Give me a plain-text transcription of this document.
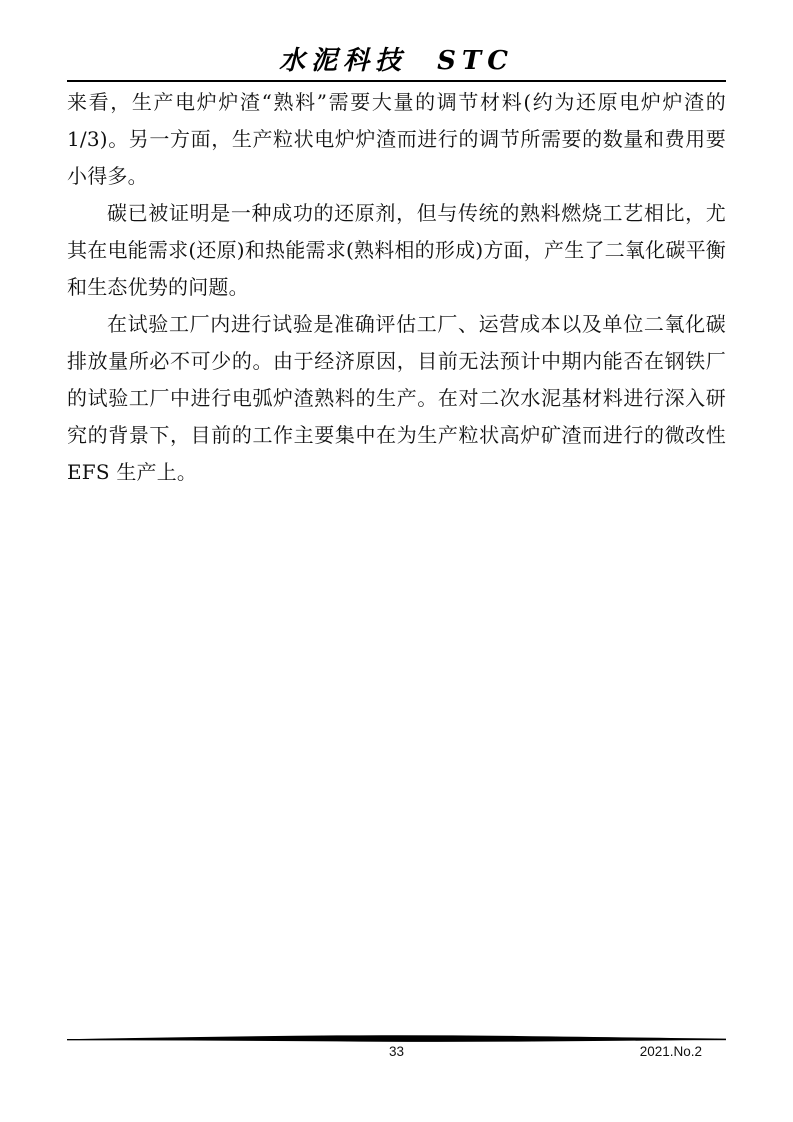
水泥科技  STC

来看，生产电炉炉渣“熟料”需要大量的调节材料(约为还原电炉炉渣的 1/3)。另一方面，生产粒状电炉炉渣而进行的调节所需要的数量和费用要小得多。

碳已被证明是一种成功的还原剂，但与传统的熟料燃烧工艺相比，尤其在电能需求(还原)和热能需求(熟料相的形成)方面，产生了二氧化碳平衡和生态优势的问题。

在试验工厂内进行试验是准确评估工厂、运营成本以及单位二氧化碳排放量所必不可少的。由于经济原因，目前无法预计中期内能否在钢铁厂的试验工厂中进行电弧炉渣熟料的生产。在对二次水泥基材料进行深入研究的背景下，目前的工作主要集中在为生产粒状高炉矿渣而进行的微改性 EFS 生产上。

33	2021.No.2
